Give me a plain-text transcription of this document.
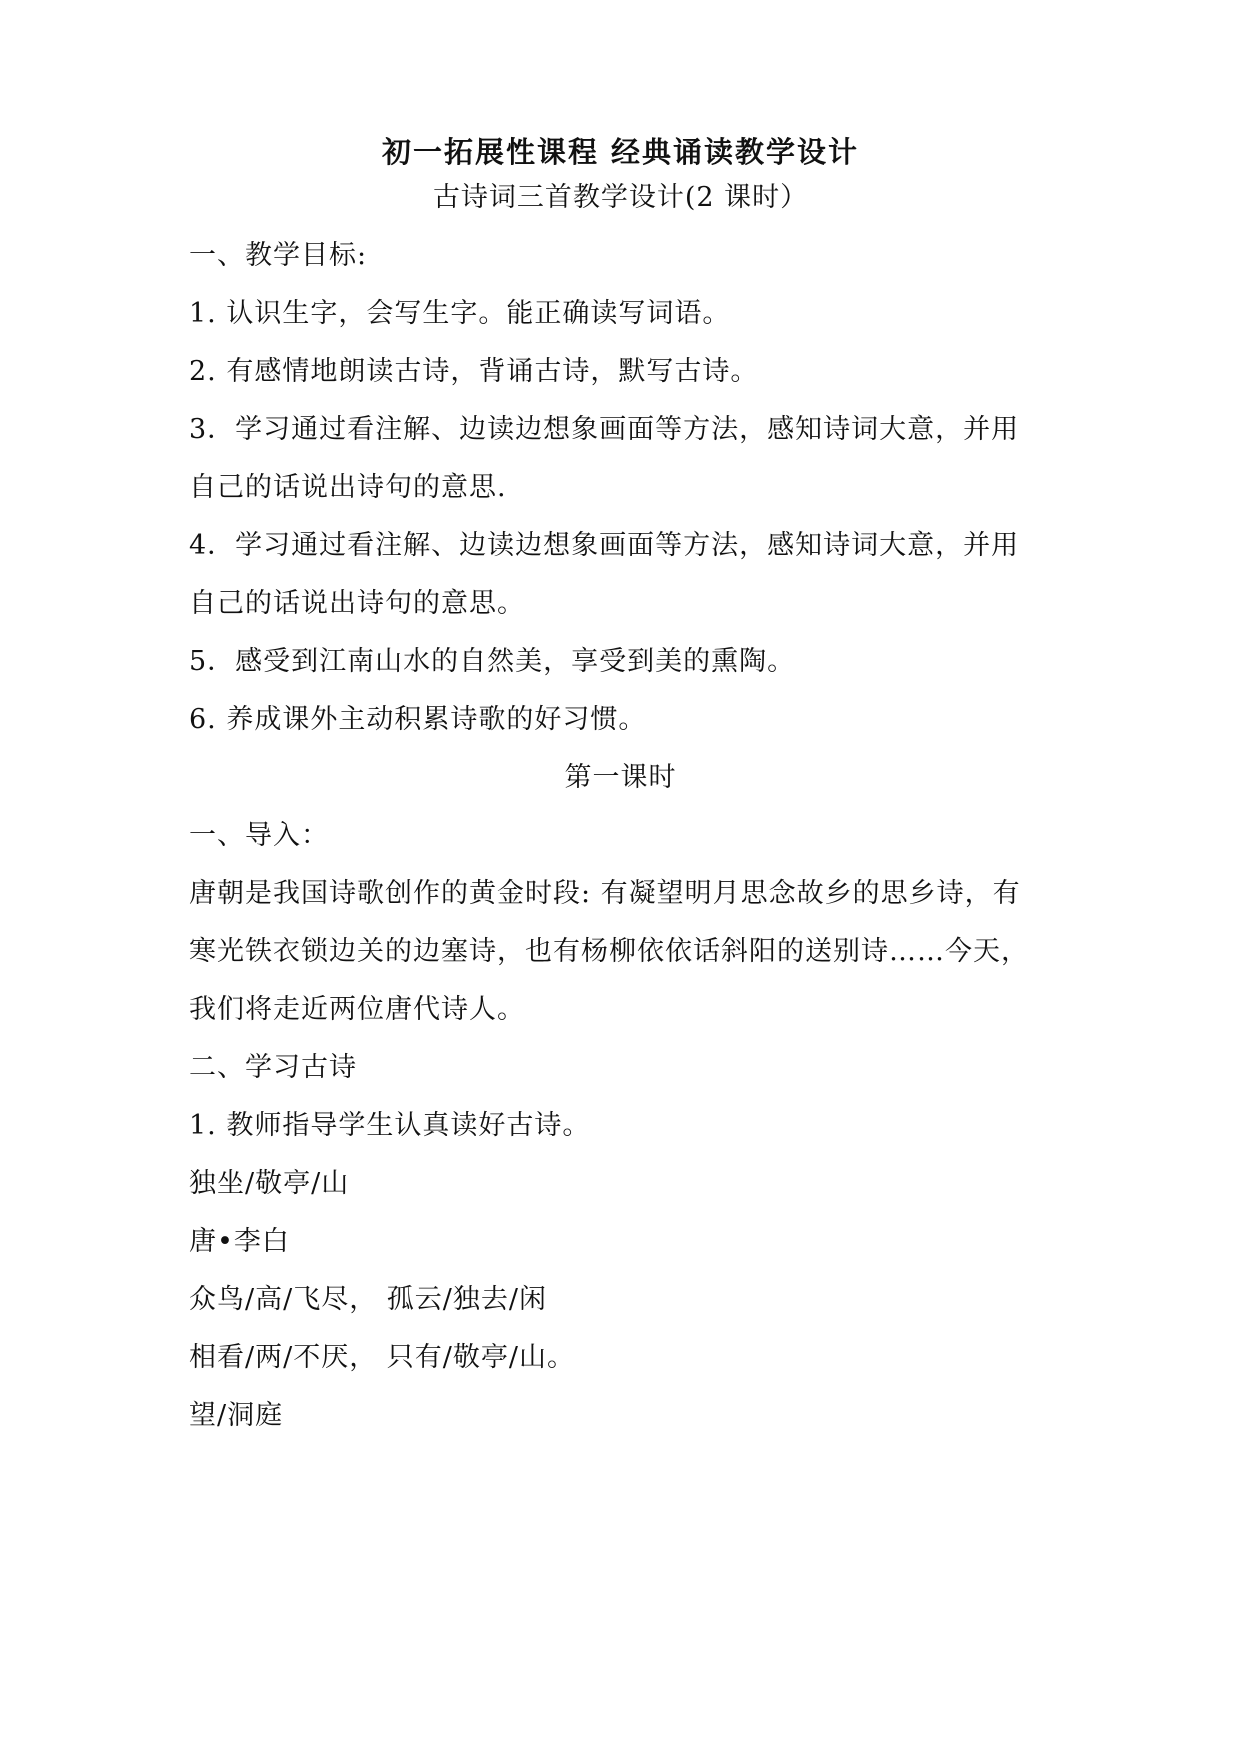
初一拓展性课程 经典诵读教学设计
古诗词三首教学设计(2 课时）
一、教学目标:
1. 认识生字，会写生字。能正确读写词语。
2. 有感情地朗读古诗，背诵古诗，默写古诗。
3．学习通过看注解、边读边想象画面等方法，感知诗词大意，并用
自己的话说出诗句的意思.
4．学习通过看注解、边读边想象画面等方法，感知诗词大意，并用
自己的话说出诗句的意思。
5．感受到江南山水的自然美，享受到美的熏陶。
6. 养成课外主动积累诗歌的好习惯。
第一课时
一、导入：
唐朝是我国诗歌创作的黄金时段: 有凝望明月思念故乡的思乡诗，有
寒光铁衣锁边关的边塞诗，也有杨柳依依话斜阳的送别诗……今天，
我们将走近两位唐代诗人。
二、学习古诗
1. 教师指导学生认真读好古诗。
独坐/敬亭/山
唐•李白
众鸟/高/飞尽， 孤云/独去/闲
相看/两/不厌， 只有/敬亭/山。
望/洞庭
